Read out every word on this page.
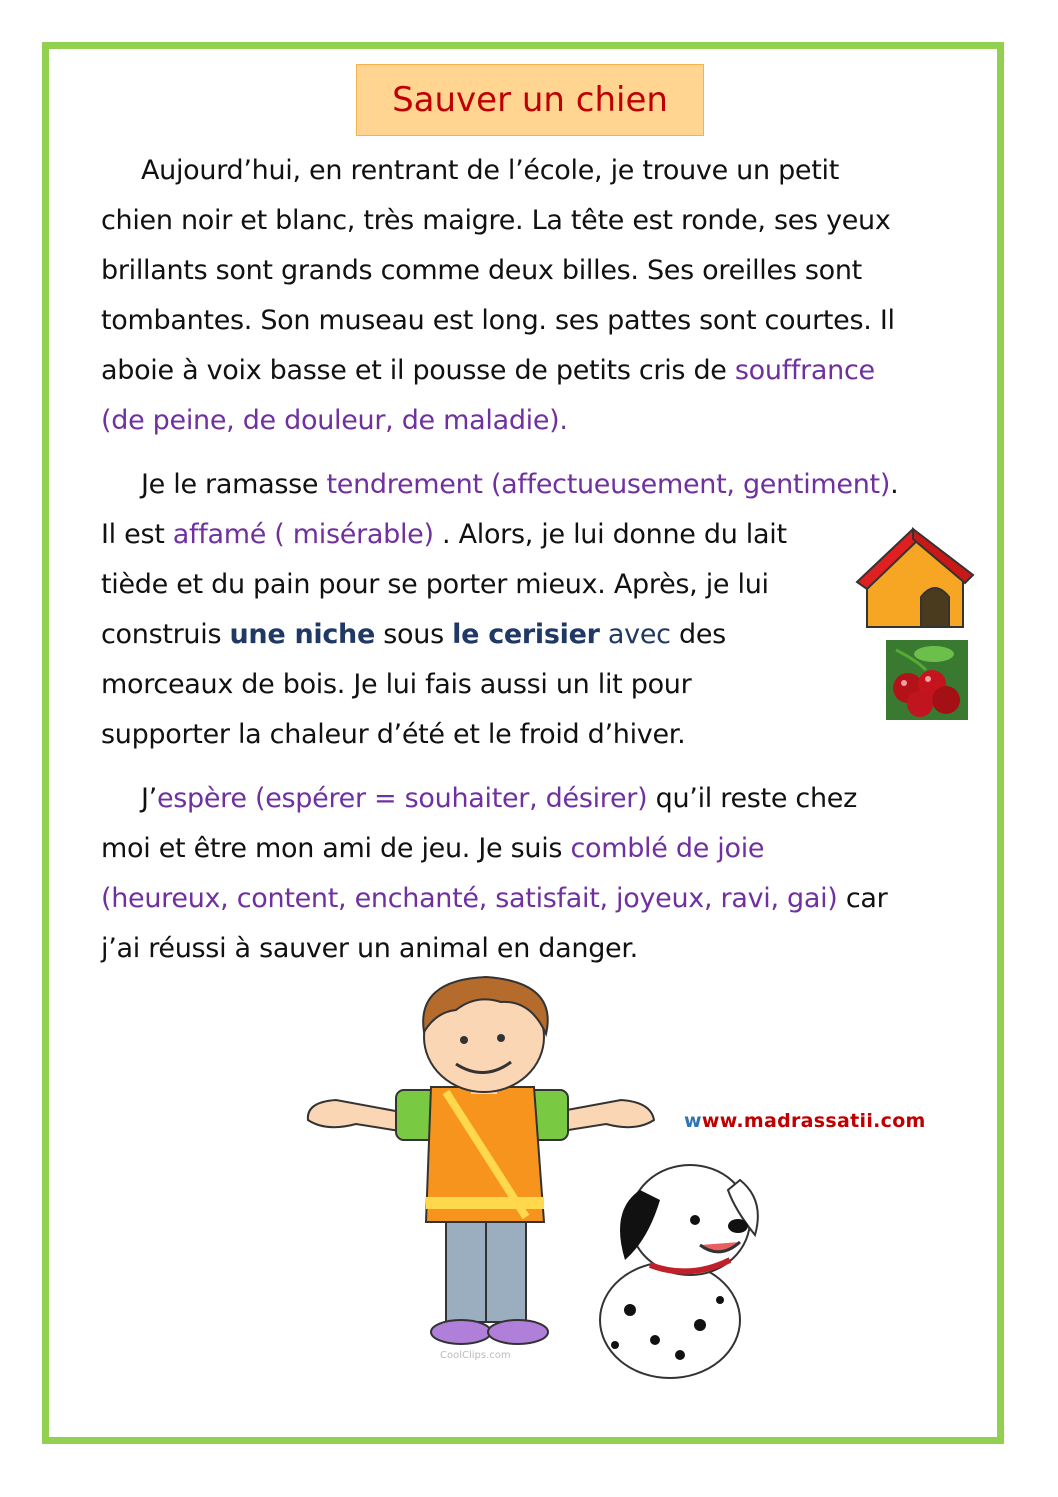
Sauver un chien
Aujourd’hui, en rentrant de l’école, je trouve un petit
chien noir et blanc, très maigre. La tête est ronde, ses yeux
brillants sont grands comme deux billes. Ses oreilles sont
tombantes. Son museau est long. ses pattes sont courtes. Il
aboie à voix basse et il pousse de petits cris de souffrance
(de peine, de douleur, de maladie).
Je le ramasse tendrement (affectueusement, gentiment).
Il est affamé ( misérable) . Alors, je lui donne du lait
tiède et du pain pour se porter mieux. Après, je lui
construis une niche sous le cerisier avec des
morceaux de bois. Je lui fais aussi un lit pour
supporter la chaleur d’été et le froid d’hiver.
J’espère (espérer = souhaiter, désirer) qu’il reste chez
moi et être mon ami de jeu. Je suis comblé de joie
(heureux, content, enchanté, satisfait, joyeux, ravi, gai) car
j’ai réussi à sauver un animal en danger.
CoolClips.com
www.madrassatii.com
